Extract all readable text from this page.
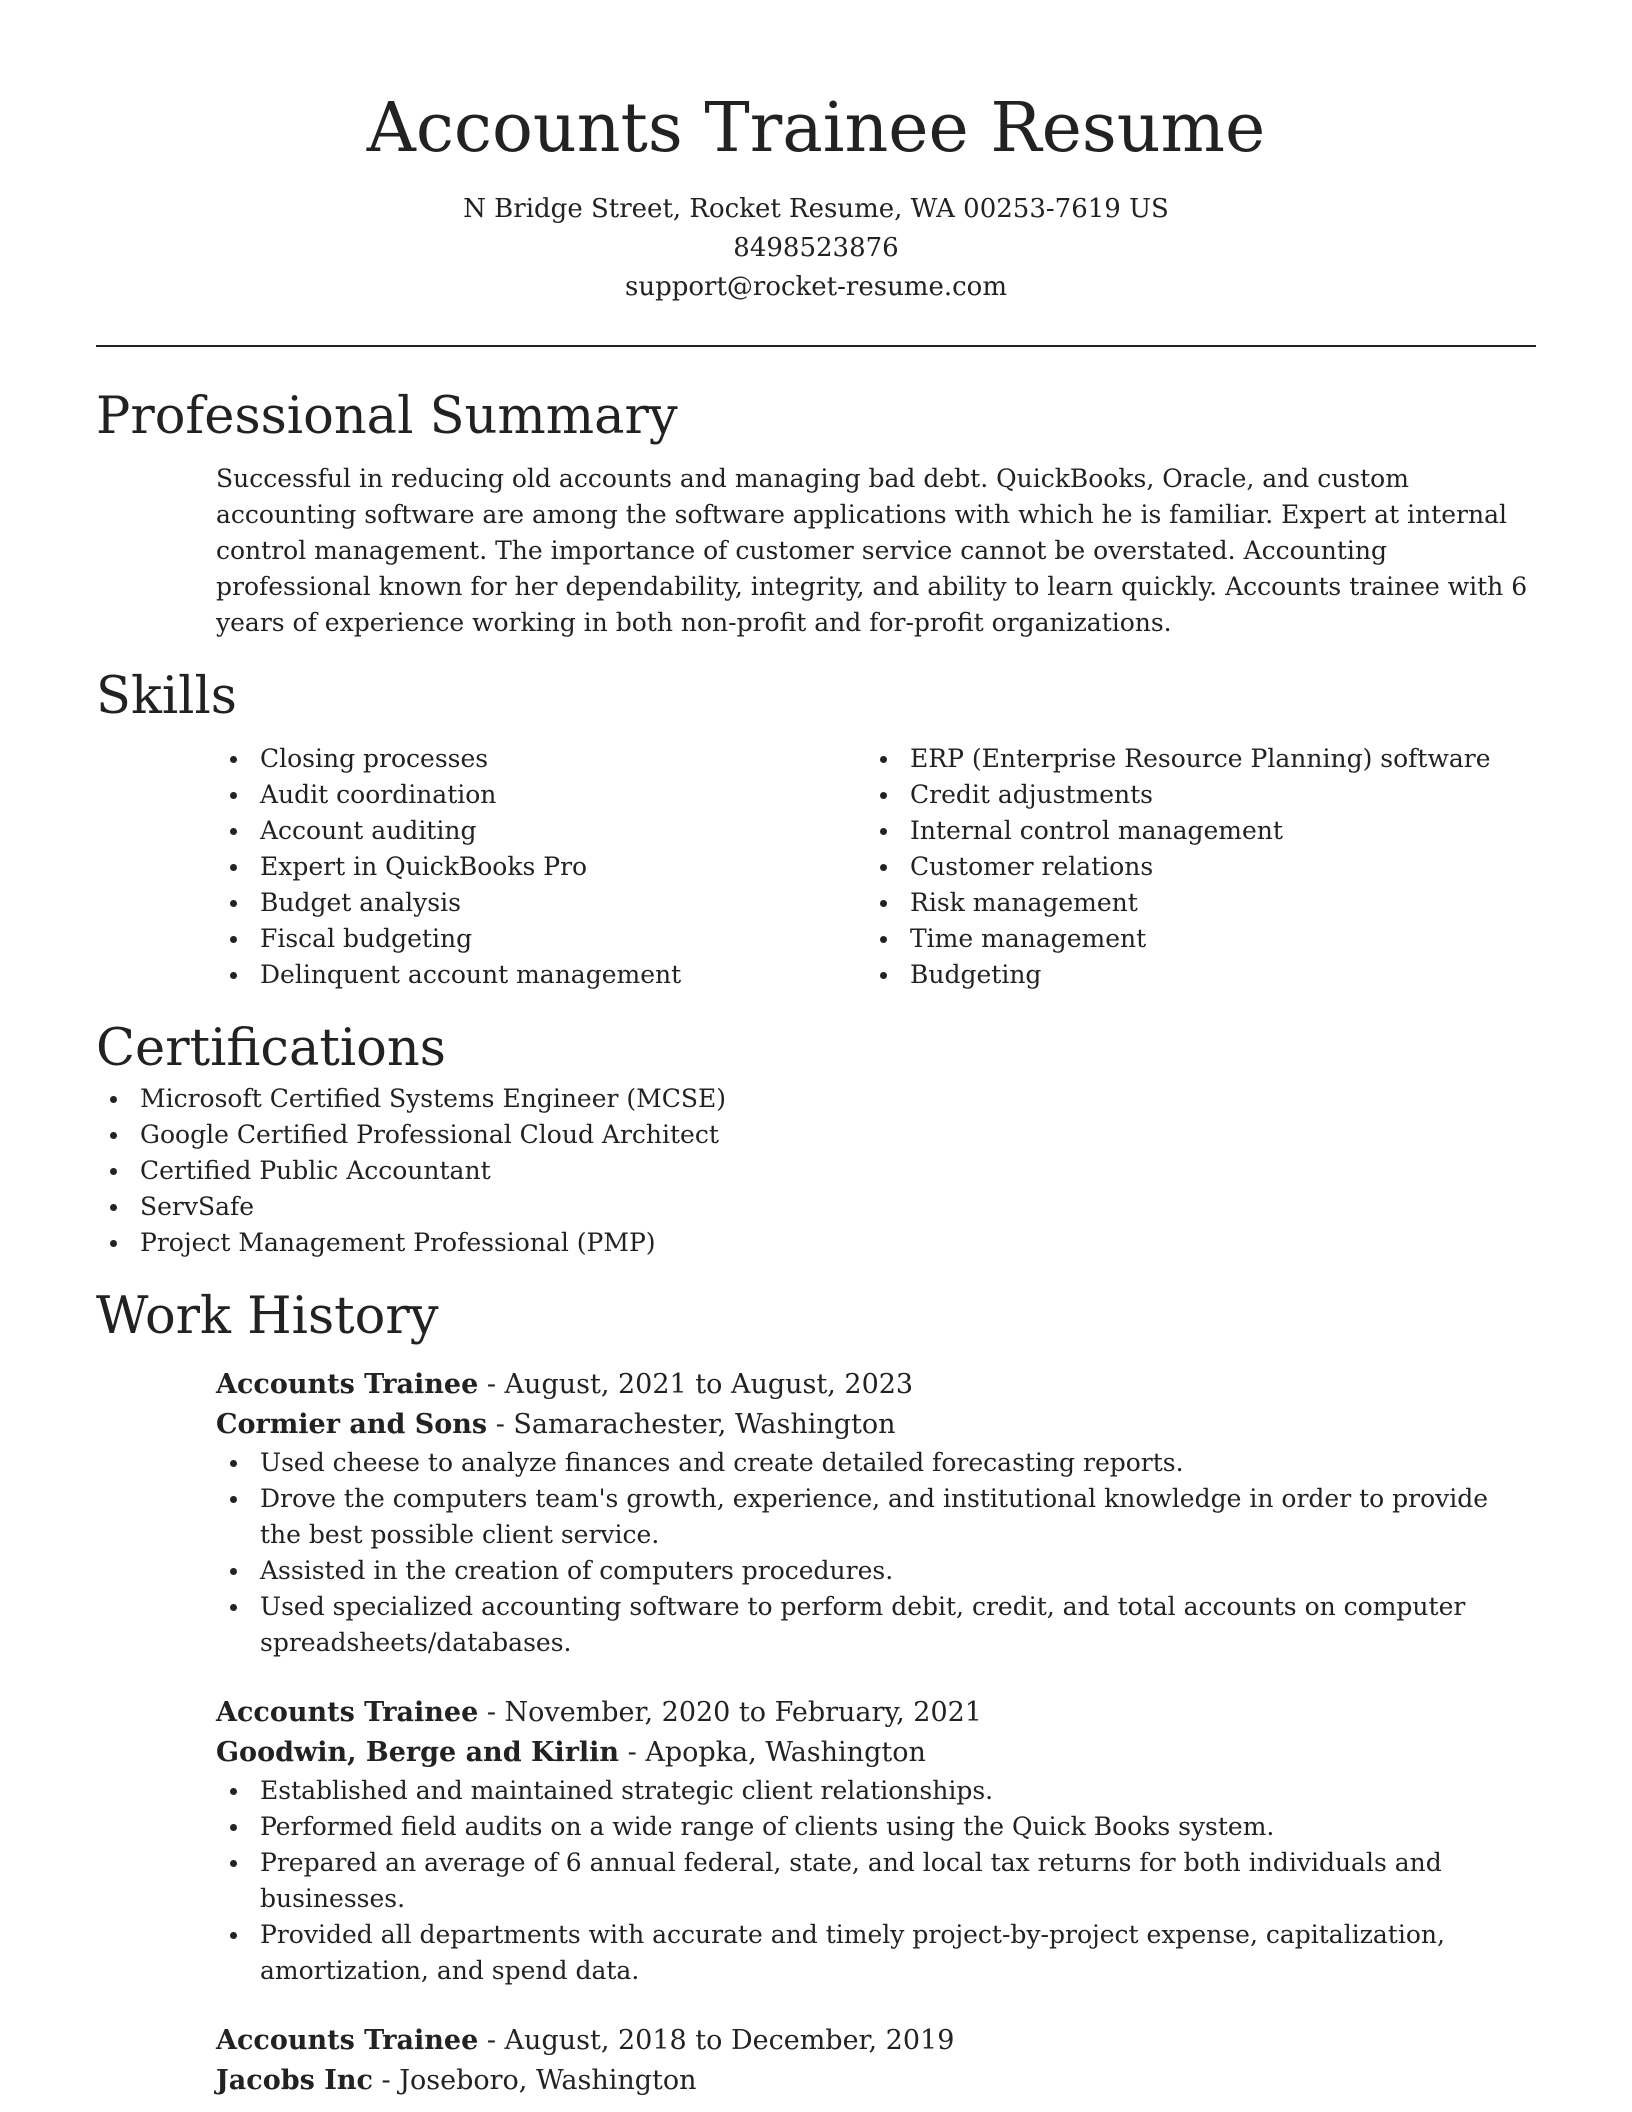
Accounts Trainee Resume
N Bridge Street, Rocket Resume, WA 00253-7619 US
8498523876
support@rocket-resume.com
Professional Summary
Successful in reducing old accounts and managing bad debt. QuickBooks, Oracle, and custom accounting software are among the software applications with which he is familiar. Expert at internal control management. The importance of customer service cannot be overstated. Accounting professional known for her dependability, integrity, and ability to learn quickly. Accounts trainee with 6 years of experience working in both non-profit and for-profit organizations.
Skills
Closing processes
Audit coordination
Account auditing
Expert in QuickBooks Pro
Budget analysis
Fiscal budgeting
Delinquent account management
ERP (Enterprise Resource Planning) software
Credit adjustments
Internal control management
Customer relations
Risk management
Time management
Budgeting
Certifications
Microsoft Certified Systems Engineer (MCSE)
Google Certified Professional Cloud Architect
Certified Public Accountant
ServSafe
Project Management Professional (PMP)
Work History
Accounts Trainee - August, 2021 to August, 2023
Cormier and Sons - Samarachester, Washington
Used cheese to analyze finances and create detailed forecasting reports.
Drove the computers team's growth, experience, and institutional knowledge in order to provide the best possible client service.
Assisted in the creation of computers procedures.
Used specialized accounting software to perform debit, credit, and total accounts on computer spreadsheets/databases.
Accounts Trainee - November, 2020 to February, 2021
Goodwin, Berge and Kirlin - Apopka, Washington
Established and maintained strategic client relationships.
Performed field audits on a wide range of clients using the Quick Books system.
Prepared an average of 6 annual federal, state, and local tax returns for both individuals and businesses.
Provided all departments with accurate and timely project-by-project expense, capitalization, amortization, and spend data.
Accounts Trainee - August, 2018 to December, 2019
Jacobs Inc - Joseboro, Washington
